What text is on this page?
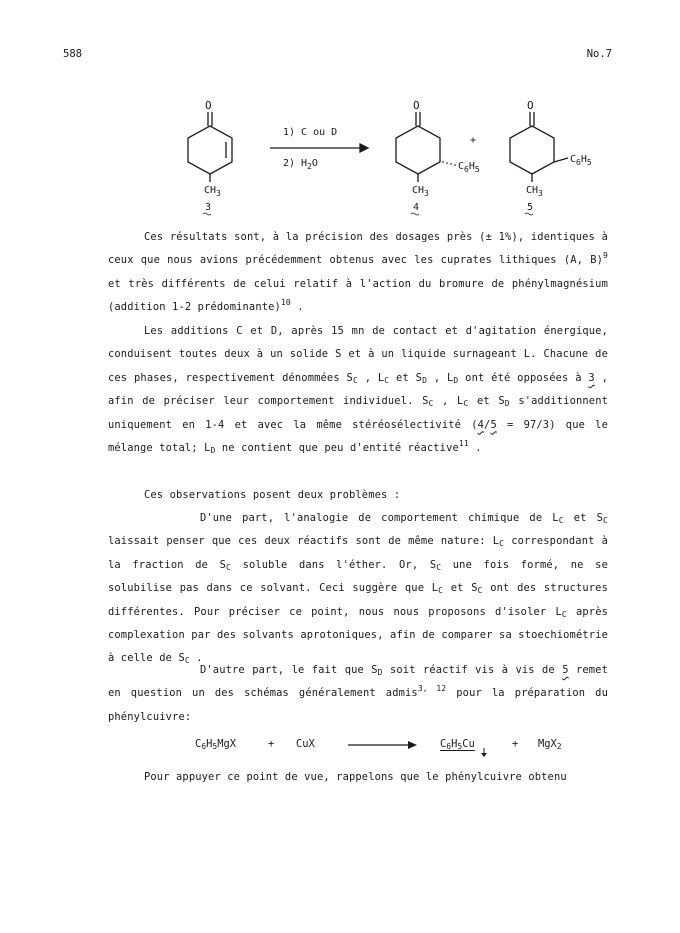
588	No.7
O
$CH_3$
3
1) C ou D
2) $H_2O$
O
$C_6H_5$
$CH_3$
4
+
O
$C_6H_5$
$CH_3$
5
Ces résultats sont, à la précision des dosages près (± 1%), identiques à ceux que nous avions précédemment obtenus avec les cuprates lithiques (A, B)$^9$ et très différents de celui relatif à l'action du bromure de phénylmagnésium (addition 1-2 prédominante)$^{10}$ .
Les additions C et D, après 15 mn de contact et d'agitation énergique, conduisent toutes deux à un solide S et à un liquide surnageant L. Chacune de ces phases, respectivement dénommées $S_C$ , $L_C$ et $S_D$ , $L_D$ ont été opposées à 3 , afin de préciser leur comportement individuel. $S_C$ , $L_C$ et $S_D$ s'additionnent uniquement en 1-4 et avec la même stéréosélectivité (4/5 = 97/3) que le mélange total; $L_D$ ne contient que peu d'entité réactive$^{11}$ .
Ces observations posent deux problèmes :
D'une part, l'analogie de comportement chimique de $L_C$ et $S_C$ laissait penser que ces deux réactifs sont de même nature: $L_C$ correspondant à la fraction de $S_C$ soluble dans l'éther. Or, $S_C$ une fois formé, ne se solubilise pas dans ce solvant. Ceci suggère que $L_C$ et $S_C$ ont des structures différentes. Pour préciser ce point, nous nous proposons d'isoler $L_C$ après complexation par des solvants aprotoniques, afin de comparer sa stoechiométrie à celle de $S_C$ .
D'autre part, le fait que $S_D$ soit réactif vis à vis de 5 remet en question un des schémas généralement admis$^{3, 12}$ pour la préparation du phénylcuivre:
$C_6H_5MgX$	+ CuX	$C_6H_5Cu$	+ MgX$_2$
Pour appuyer ce point de vue, rappelons que le phénylcuivre obtenu
